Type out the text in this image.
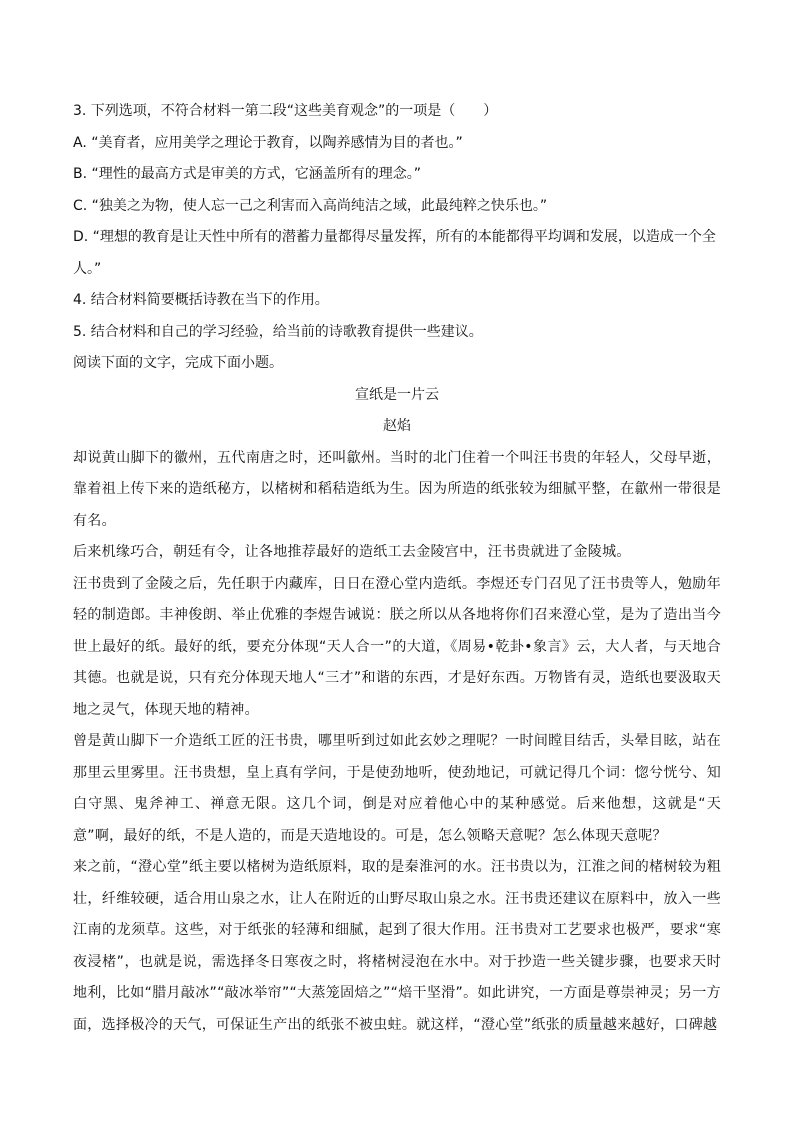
3. 下列选项，不符合材料一第二段“这些美育观念”的一项是（　　）
A. “美育者，应用美学之理论于教育，以陶养感情为目的者也。”
B. “理性的最高方式是审美的方式，它涵盖所有的理念。”
C. “独美之为物，使人忘一己之利害而入高尚纯洁之域，此最纯粹之快乐也。”
D. “理想的教育是让天性中所有的潜蓄力量都得尽量发挥，所有的本能都得平均调和发展，以造成一个全
人。”
4. 结合材料简要概括诗教在当下的作用。
5. 结合材料和自己的学习经验，给当前的诗歌教育提供一些建议。
阅读下面的文字，完成下面小题。
宣纸是一片云
赵焰
却说黄山脚下的徽州，五代南唐之时，还叫歙州。当时的北门住着一个叫汪书贵的年轻人，父母早逝，靠着祖上传下来的造纸秘方，以楮树和稻秸造纸为生。因为所造的纸张较为细腻平整，在歙州一带很是有名。
后来机缘巧合，朝廷有令，让各地推荐最好的造纸工去金陵宫中，汪书贵就进了金陵城。
汪书贵到了金陵之后，先任职于内藏库，日日在澄心堂内造纸。李煜还专门召见了汪书贵等人，勉励年轻的制造郎。丰神俊朗、举止优雅的李煜告诫说：朕之所以从各地将你们召来澄心堂，是为了造出当今世上最好的纸。最好的纸，要充分体现“天人合一”的大道，《周易•乾卦•象言》云，大人者，与天地合其德。也就是说，只有充分体现天地人“三才”和谐的东西，才是好东西。万物皆有灵，造纸也要汲取天地之灵气，体现天地的精神。
曾是黄山脚下一介造纸工匠的汪书贵，哪里听到过如此玄妙之理呢？一时间瞠目结舌，头晕目眩，站在那里云里雾里。汪书贵想，皇上真有学问，于是使劲地听，使劲地记，可就记得几个词：惚兮恍兮、知白守黑、鬼斧神工、禅意无限。这几个词，倒是对应着他心中的某种感觉。后来他想，这就是“天意”啊，最好的纸，不是人造的，而是天造地设的。可是，怎么领略天意呢？怎么体现天意呢？
来之前，“澄心堂”纸主要以楮树为造纸原料，取的是秦淮河的水。汪书贵以为，江淮之间的楮树较为粗壮，纤维较硬，适合用山泉之水，让人在附近的山野尽取山泉之水。汪书贵还建议在原料中，放入一些江南的龙须草。这些，对于纸张的轻薄和细腻，起到了很大作用。汪书贵对工艺要求也极严，要求“寒夜浸楮”，也就是说，需选择冬日寒夜之时，将楮树浸泡在水中。对于抄造一些关键步骤，也要求天时地利，比如“腊月敲冰”“敲冰举帘”“大蒸笼固焙之”“焙干坚滑”。如此讲究，一方面是尊崇神灵；另一方面，选择极冷的天气，可保证生产出的纸张不被虫蛀。就这样，“澄心堂”纸张的质量越来越好，口碑越
